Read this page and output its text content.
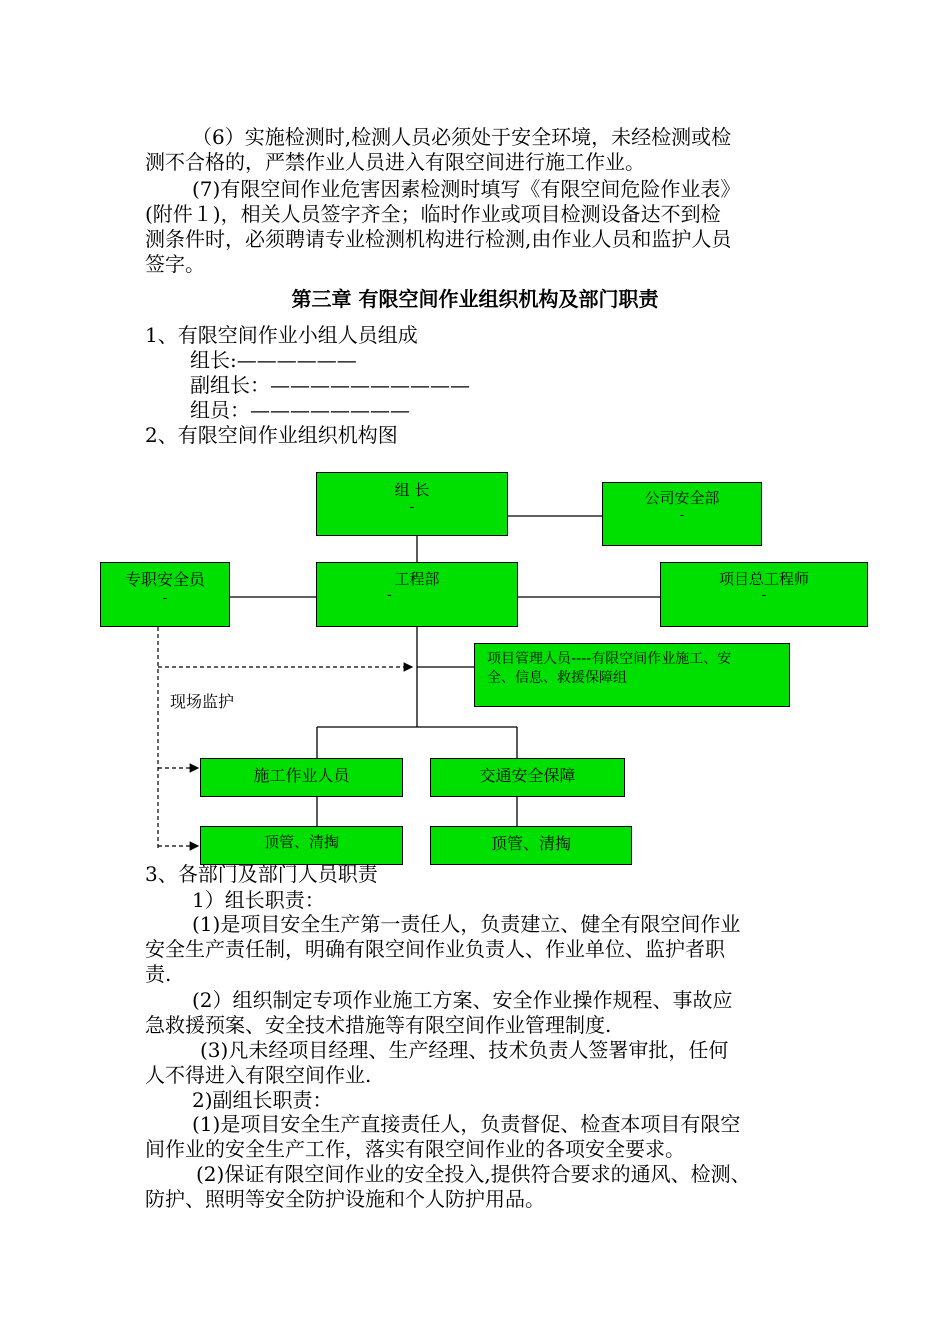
（6）实施检测时,检测人员必须处于安全环境，未经检测或检

测不合格的，严禁作业人员进入有限空间进行施工作业。

(7)有限空间作业危害因素检测时填写《有限空间危险作业表》

(附件１)，相关人员签字齐全；临时作业或项目检测设备达不到检

测条件时，必须聘请专业检测机构进行检测,由作业人员和监护人员

签字。

第三章 有限空间作业组织机构及部门职责

1、有限空间作业小组人员组成

组长:——————

副组长：——————————

组员：————————

2、有限空间作业组织机构图

组 长
-
公司安全部
-
专职安全员
-
工程部
-
项目总工程师
-
项目管理人员----有限空间作业施工、安
全、信息、救援保障组
现场监护
施工作业人员	交通安全保障
顶管、清掏	顶管、清掏

3、各部门及部门人员职责

1）组长职责：

(1)是项目安全生产第一责任人，负责建立、健全有限空间作业

安全生产责任制，明确有限空间作业负责人、作业单位、监护者职

责.

(2）组织制定专项作业施工方案、安全作业操作规程、事故应

急救援预案、安全技术措施等有限空间作业管理制度.

(3)凡未经项目经理、生产经理、技术负责人签署审批，任何

人不得进入有限空间作业.

2)副组长职责：

(1)是项目安全生产直接责任人，负责督促、检查本项目有限空

间作业的安全生产工作，落实有限空间作业的各项安全要求。

(2)保证有限空间作业的安全投入,提供符合要求的通风、检测、

防护、照明等安全防护设施和个人防护用品。
